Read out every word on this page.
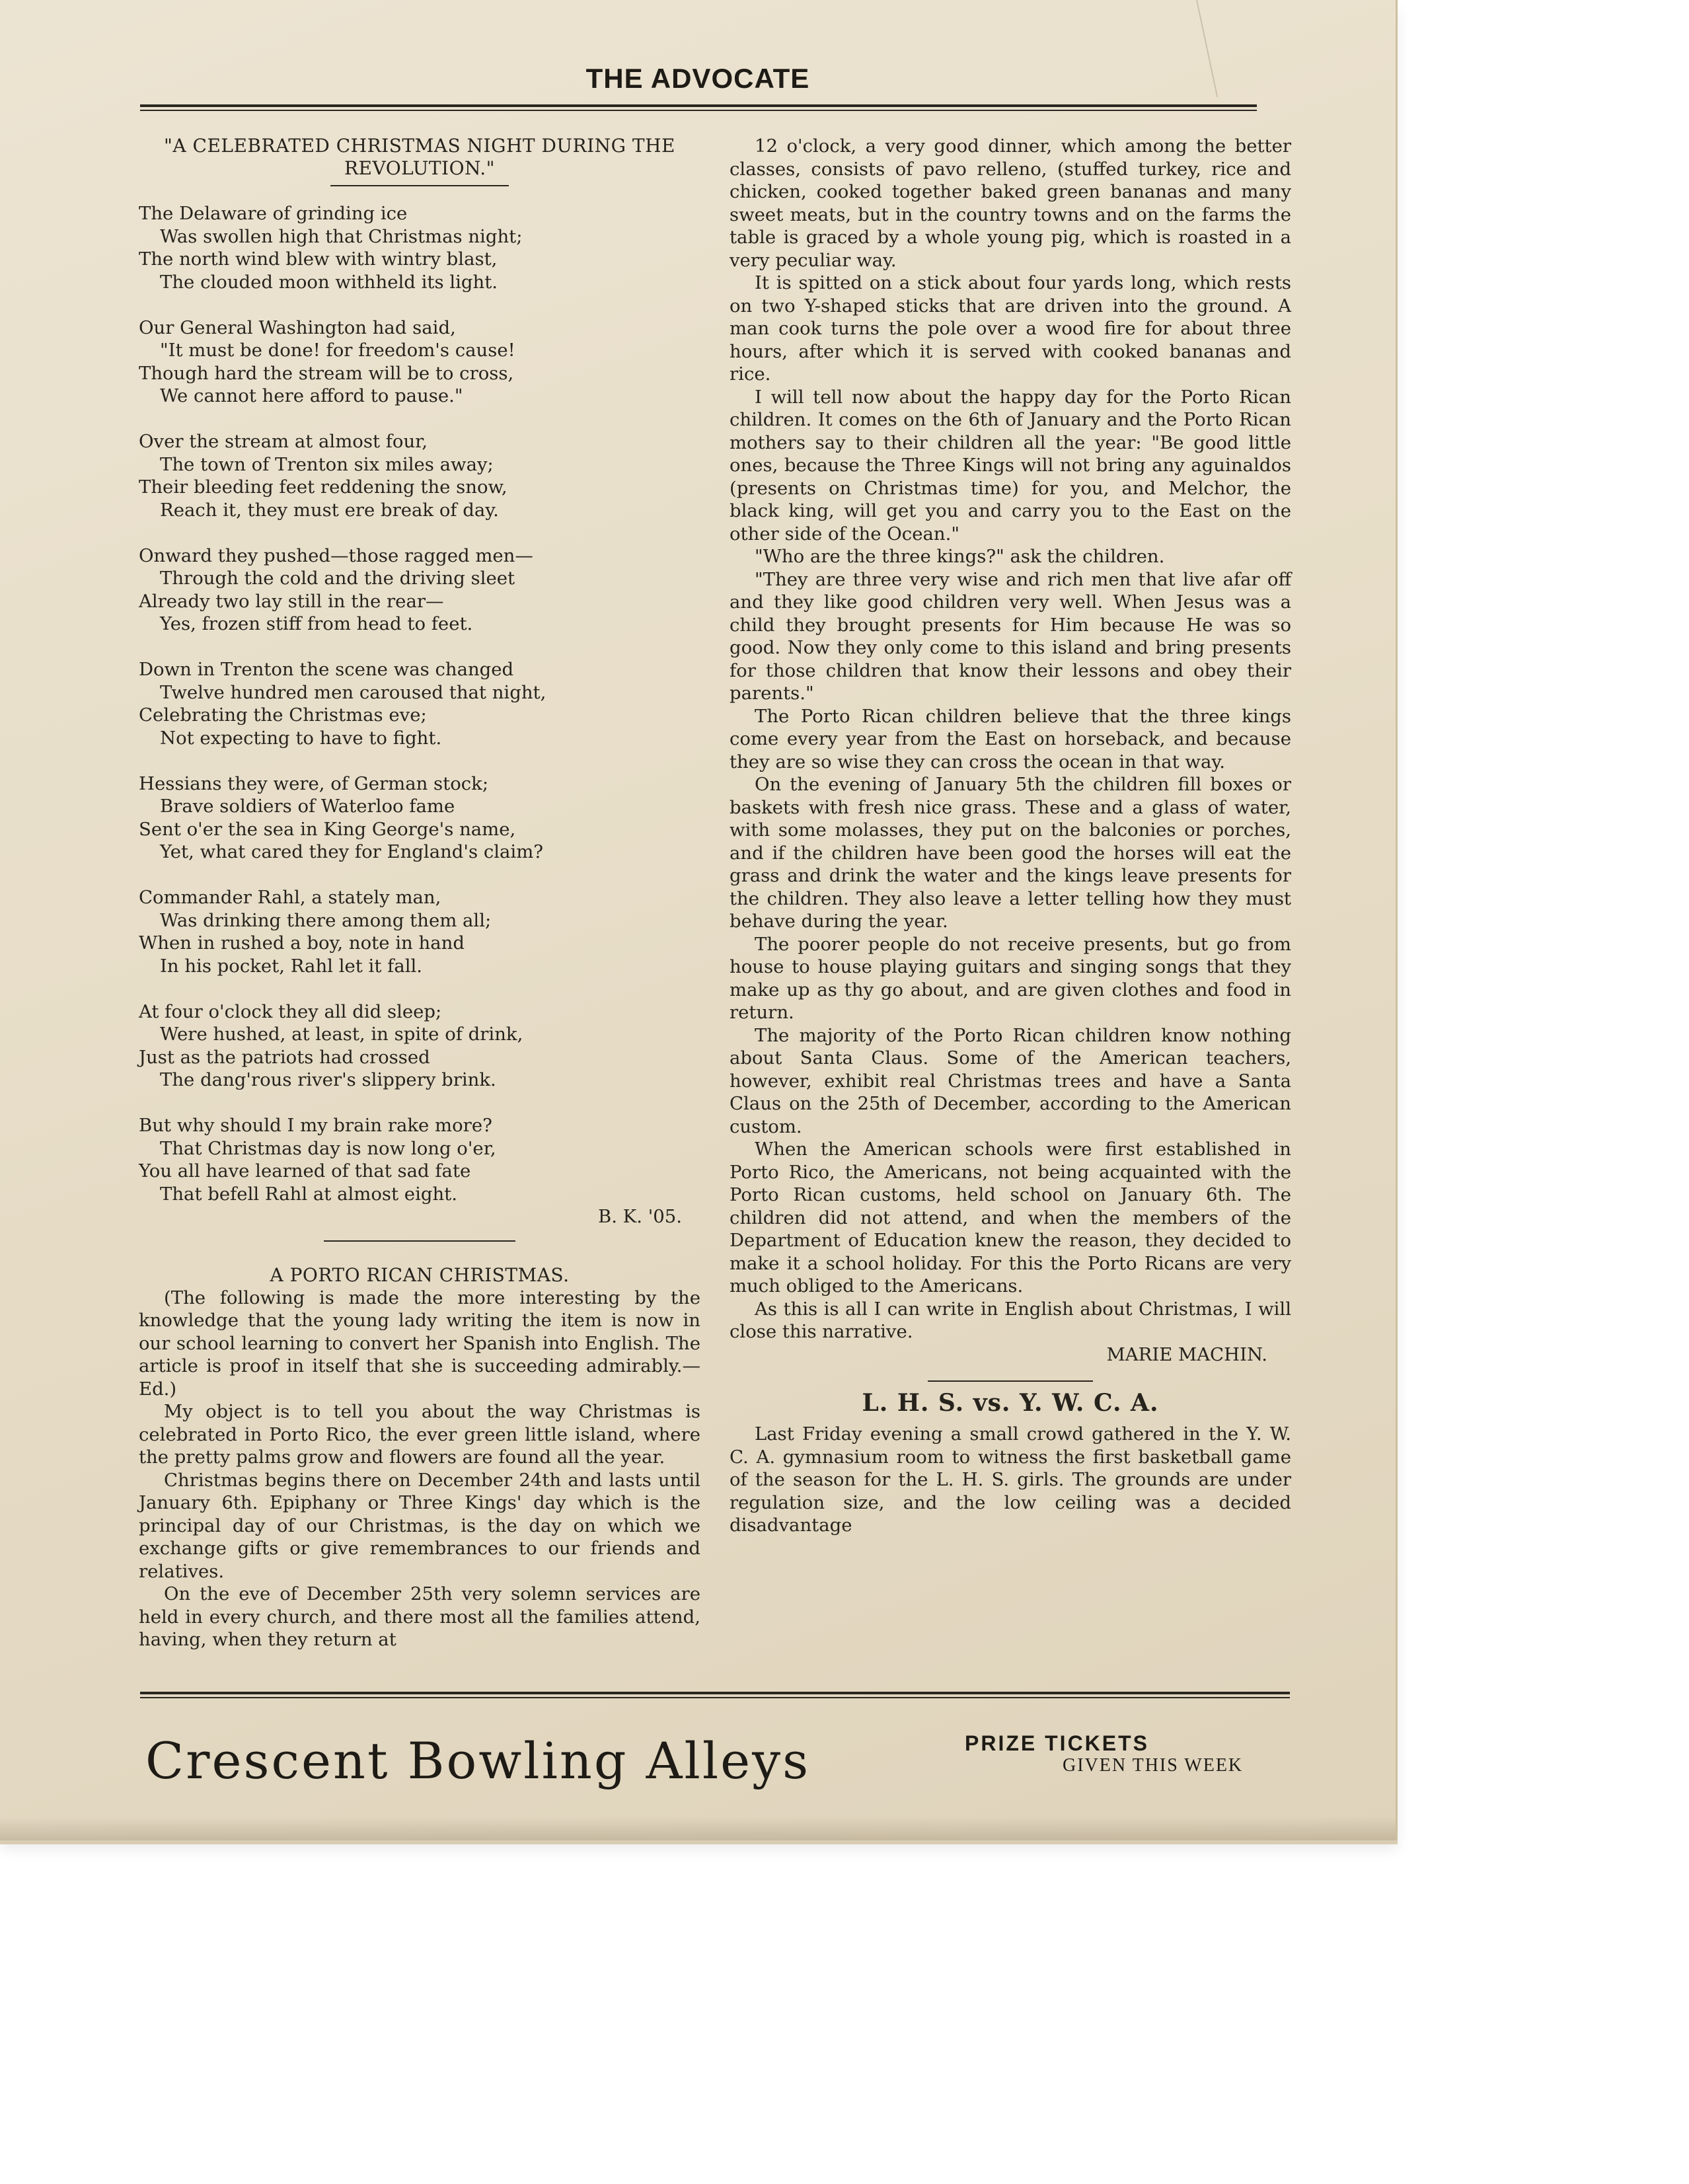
THE ADVOCATE
"A CELEBRATED CHRISTMAS NIGHT DURING THE REVOLUTION."
The Delaware of grinding ice
Was swollen high that Christmas night;
The north wind blew with wintry blast,
The clouded moon withheld its light.
Our General Washington had said,
"It must be done! for freedom's cause!
Though hard the stream will be to cross,
We cannot here afford to pause."
Over the stream at almost four,
The town of Trenton six miles away;
Their bleeding feet reddening the snow,
Reach it, they must ere break of day.
Onward they pushed—those ragged men—
Through the cold and the driving sleet
Already two lay still in the rear—
Yes, frozen stiff from head to feet.
Down in Trenton the scene was changed
Twelve hundred men caroused that night,
Celebrating the Christmas eve;
Not expecting to have to fight.
Hessians they were, of German stock;
Brave soldiers of Waterloo fame
Sent o'er the sea in King George's name,
Yet, what cared they for England's claim?
Commander Rahl, a stately man,
Was drinking there among them all;
When in rushed a boy, note in hand
In his pocket, Rahl let it fall.
At four o'clock they all did sleep;
Were hushed, at least, in spite of drink,
Just as the patriots had crossed
The dang'rous river's slippery brink.
But why should I my brain rake more?
That Christmas day is now long o'er,
You all have learned of that sad fate
That befell Rahl at almost eight.
B. K. '05.
A PORTO RICAN CHRISTMAS.

(The following is made the more interesting by the knowledge that the young lady writing the item is now in our school learning to convert her Spanish into English. The article is proof in itself that she is succeeding admirably.—Ed.)

My object is to tell you about the way Christmas is celebrated in Porto Rico, the ever green little island, where the pretty palms grow and flowers are found all the year.

Christmas begins there on December 24th and lasts until January 6th. Epiphany or Three Kings' day which is the principal day of our Christmas, is the day on which we exchange gifts or give remembrances to our friends and relatives.

On the eve of December 25th very solemn services are held in every church, and there most all the families attend, having, when they return at

12 o'clock, a very good dinner, which among the better classes, consists of pavo relleno, (stuffed turkey, rice and chicken, cooked together baked green bananas and many sweet meats, but in the country towns and on the farms the table is graced by a whole young pig, which is roasted in a very peculiar way.

It is spitted on a stick about four yards long, which rests on two Y-shaped sticks that are driven into the ground. A man cook turns the pole over a wood fire for about three hours, after which it is served with cooked bananas and rice.

I will tell now about the happy day for the Porto Rican children. It comes on the 6th of January and the Porto Rican mothers say to their children all the year: "Be good little ones, because the Three Kings will not bring any aguinaldos (presents on Christmas time) for you, and Melchor, the black king, will get you and carry you to the East on the other side of the Ocean."

"Who are the three kings?" ask the children.

"They are three very wise and rich men that live afar off and they like good children very well. When Jesus was a child they brought presents for Him because He was so good. Now they only come to this island and bring presents for those children that know their lessons and obey their parents."

The Porto Rican children believe that the three kings come every year from the East on horseback, and because they are so wise they can cross the ocean in that way.

On the evening of January 5th the children fill boxes or baskets with fresh nice grass. These and a glass of water, with some molasses, they put on the balconies or porches, and if the children have been good the horses will eat the grass and drink the water and the kings leave presents for the children. They also leave a letter telling how they must behave during the year.

The poorer people do not receive presents, but go from house to house playing guitars and singing songs that they make up as thy go about, and are given clothes and food in return.

The majority of the Porto Rican children know nothing about Santa Claus. Some of the American teachers, however, exhibit real Christmas trees and have a Santa Claus on the 25th of December, according to the American custom.

When the American schools were first established in Porto Rico, the Americans, not being acquainted with the Porto Rican customs, held school on January 6th. The children did not attend, and when the members of the Department of Education knew the reason, they decided to make it a school holiday. For this the Porto Ricans are very much obliged to the Americans.

As this is all I can write in English about Christmas, I will close this narrative.

MARIE MACHIN.
L. H. S. vs. Y. W. C. A.

Last Friday evening a small crowd gathered in the Y. W. C. A. gymnasium room to witness the first basketball game of the season for the L. H. S. girls. The grounds are under regulation size, and the low ceiling was a decided disadvantage

Crescent Bowling Alleys	PRIZE TICKETS
GIVEN THIS WEEK
